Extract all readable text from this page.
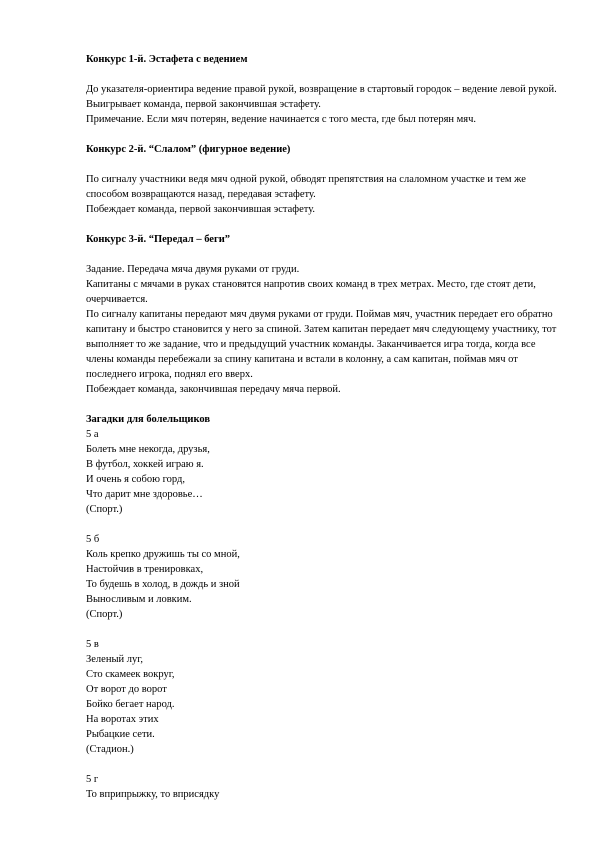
Конкурс 1-й. Эстафета с ведением

До указателя-ориентира ведение правой рукой, возвращение в стартовый городок – ведение левой рукой.

Выигрывает команда, первой закончившая эстафету.

Примечание. Если мяч потерян, ведение начинается с того места, где был потерян мяч.

Конкурс 2-й. “Слалом” (фигурное ведение)

По сигналу участники ведя мяч одной рукой, обводят препятствия на слаломном участке и тем же способом возвращаются назад, передавая эстафету.

Побеждает команда, первой закончившая эстафету.

Конкурс 3-й. “Передал – беги”

Задание. Передача мяча двумя руками от груди.

Капитаны с мячами в руках становятся напротив своих команд в трех метрах. Место, где стоят дети, очерчивается.

По сигналу капитаны передают мяч двумя руками от груди. Поймав мяч, участник передает его обратно капитану и быстро становится у него за спиной. Затем капитан передает мяч следующему участнику, тот выполняет то же задание, что и предыдущий участник команды. Заканчивается игра тогда, когда все члены команды перебежали за спину капитана и встали в колонну, а сам капитан, поймав мяч от последнего игрока, поднял его вверх.

Побеждает команда, закончившая передачу мяча первой.

Загадки для болельщиков

5 а

Болеть мне некогда, друзья,

В футбол, хоккей играю я.

И очень я собою горд,

Что дарит мне здоровье…

(Спорт.)

5 б

Коль крепко дружишь ты со мной,

Настойчив в тренировках,

То будешь в холод, в дождь и зной

Выносливым и ловким.

(Спорт.)

5 в

Зеленый луг,

Сто скамеек вокруг,

От ворот до ворот

Бойко бегает народ.

На воротах этих

Рыбацкие сети.

(Стадион.)

5 г

То вприпрыжку, то вприсядку
